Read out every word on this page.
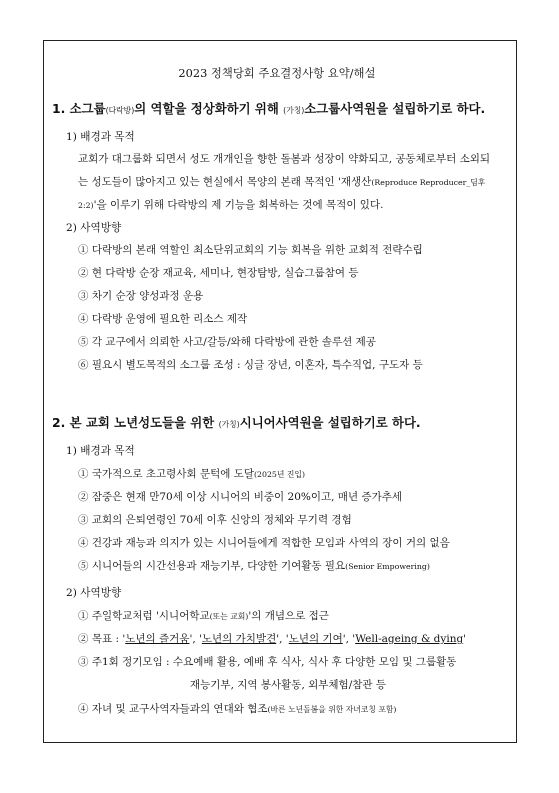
2023 정책당회 주요결정사항 요약/해설
1. 소그룹(다락방)의 역할을 정상화하기 위해 (가칭)소그룹사역원을 설립하기로 하다.
1) 배경과 목적
교회가 대그룹화 되면서 성도 개개인을 향한 돌봄과 성장이 약화되고, 공동체로부터 소외되
는 성도들이 많아지고 있는 현실에서 목양의 본래 목적인 '재생산(Reproduce Reproducer_딤후
2:2)'을 이루기 위해 다락방의 제 기능을 회복하는 것에 목적이 있다.
2) 사역방향
① 다락방의 본래 역할인 최소단위교회의 기능 회복을 위한 교회적 전략수립
② 현 다락방 순장 재교육, 세미나, 현장탐방, 실습그룹참여 등
③ 차기 순장 양성과정 운용
④ 다락방 운영에 필요한 리소스 제작
⑤ 각 교구에서 의뢰한 사고/갈등/와해 다락방에 관한 솔루션 제공
⑥ 필요시 별도목적의 소그룹 조성 : 싱글 장년, 이혼자, 특수직업, 구도자 등
2. 본 교회 노년성도들을 위한 (가칭)시니어사역원을 설립하기로 하다.
1) 배경과 목적
① 국가적으로 초고령사회 문턱에 도달(2025년 진입)
② 잠중은 현재 만70세 이상 시니어의 비중이 20%이고, 매년 증가추세
③ 교회의 은퇴연령인 70세 이후 신앙의 정체와 무기력 경험
④ 건강과 재능과 의지가 있는 시니어들에게 적합한 모임과 사역의 장이 거의 없음
⑤ 시니어들의 시간선용과 재능기부, 다양한 기여활동 필요(Senior Empowering)
2) 사역방향
① 주일학교처럼 '시니어학교(또는 교회)'의 개념으로 접근
② 목표 : '노년의 즐거움', '노년의 가치발견', '노년의 기여', 'Well-ageing & dying'
③ 주1회 정기모임 : 수요예배 활용, 예배 후 식사, 식사 후 다양한 모임 및 그룹활동
재능기부, 지역 봉사활동, 외부체험/참관 등
④ 자녀 및 교구사역자들과의 연대와 협조(바른 노년돌봄을 위한 자녀코칭 포함)
